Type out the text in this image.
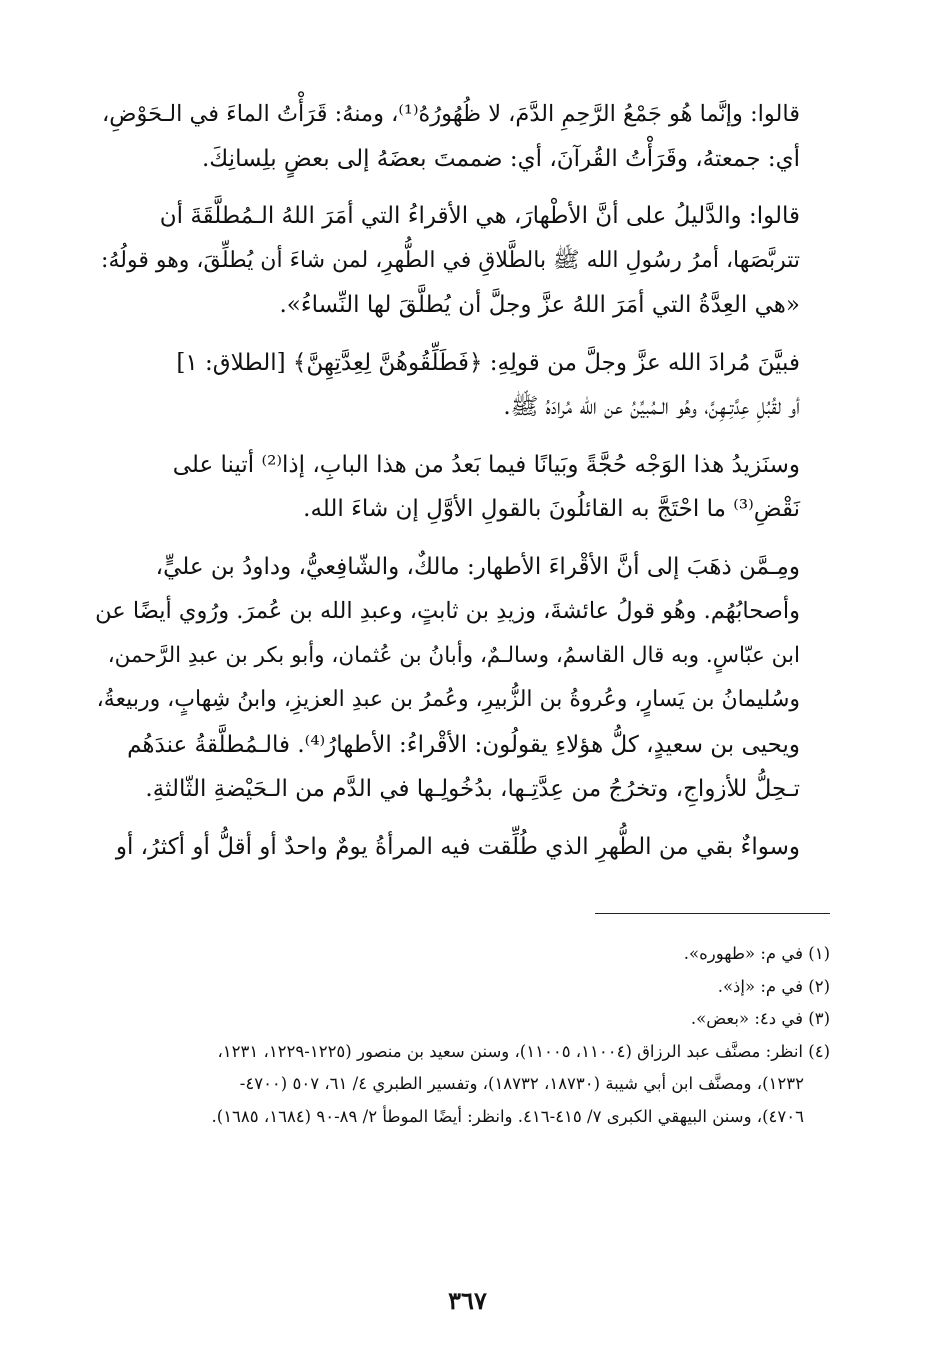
قالوا: وإنَّما هُو جَمْعُ الرَّحِمِ الدَّمَ، لا ظُهُورُهُ⁽¹⁾، ومنهُ: قَرَأْتُ الماءَ في الـحَوْضِ،
أي: جمعتهُ، وقَرَأْتُ القُرآنَ، أي: ضممتَ بعضَهُ إلى بعضٍ بلِسانِكَ.

قالوا: والدَّليلُ على أنَّ الأطْهارَ، هي الأقراءُ التي أمَرَ اللهُ الـمُطلَّقَةَ أن
تتربَّصَها، أمرُ رسُولِ الله ﷺ بالطَّلاقِ في الطُّهرِ، لمن شاءَ أن يُطلِّقَ، وهو قولُهُ:
«هي العِدَّةُ التي أمَرَ اللهُ عزَّ وجلَّ أن يُطلَّقَ لها النِّساءُ».

فبيَّنَ مُرادَ الله عزَّ وجلَّ من قولِهِ: ﴿فَطَلِّقُوهُنَّ لِعِدَّتِهِنَّ﴾ [الطلاق: ١]
أو لقُبُلِ عِدَّتِـهِنَّ، وهُو الـمُبيِّنُ عن الله مُرادَهُ ﷺ.

وسنَزيدُ هذا الوَجْه حُجَّةً وبَيانًا فيما بَعدُ من هذا البابِ، إذا⁽²⁾ أتينا على
نَقْضِ⁽³⁾ ما احْتَجَّ به القائلُونَ بالقولِ الأوَّلِ إن شاءَ الله.

ومِـمَّن ذهَبَ إلى أنَّ الأقْراءَ الأطهار: مالكٌ، والشّافِعيُّ، وداودُ بن عليٍّ،
وأصحابُهُم. وهُو قولُ عائشةَ، وزيدِ بن ثابتٍ، وعبدِ الله بن عُمرَ. ورُوي أيضًا عن
ابن عبّاسٍ. وبه قال القاسمُ، وسالـمٌ، وأبانُ بن عُثمان، وأبو بكر بن عبدِ الرَّحمن،
وسُليمانُ بن يَسارٍ، وعُروةُ بن الزُّبيرِ، وعُمرُ بن عبدِ العزيزِ، وابنُ شِهابٍ، وربيعةُ،
ويحيى بن سعيدٍ، كلُّ هؤلاءِ يقولُون: الأقْراءُ: الأطهارُ⁽⁴⁾. فالـمُطلَّقةُ عندَهُم
تـحِلُّ للأزواجِ، وتخرُجُ من عِدَّتِـها، بدُخُولِـها في الدَّم من الـحَيْضةِ الثّالثةِ.

وسواءٌ بقي من الطُّهرِ الذي طُلِّقت فيه المرأةُ يومٌ واحدٌ أو أقلُّ أو أكثرُ، أو

(١) في م: «طهوره».
(٢) في م: «إذ».
(٣) في د٤: «بعض».
(٤) انظر: مصنَّف عبد الرزاق (١١٠٠٤، ١١٠٠٥)، وسنن سعيد بن منصور (١٢٢٥-١٢٢٩، ١٢٣١،
١٢٣٢)، ومصنَّف ابن أبي شيبة (١٨٧٣٠، ١٨٧٣٢)، وتفسير الطبري ٤/ ٦١، ٥٠٧ (٤٧٠٠-
٤٧٠٦)، وسنن البيهقي الكبرى ٧/ ٤١٥-٤١٦. وانظر: أيضًا الموطأ ٢/ ٨٩-٩٠ (١٦٨٤، ١٦٨٥).
٣٦٧
